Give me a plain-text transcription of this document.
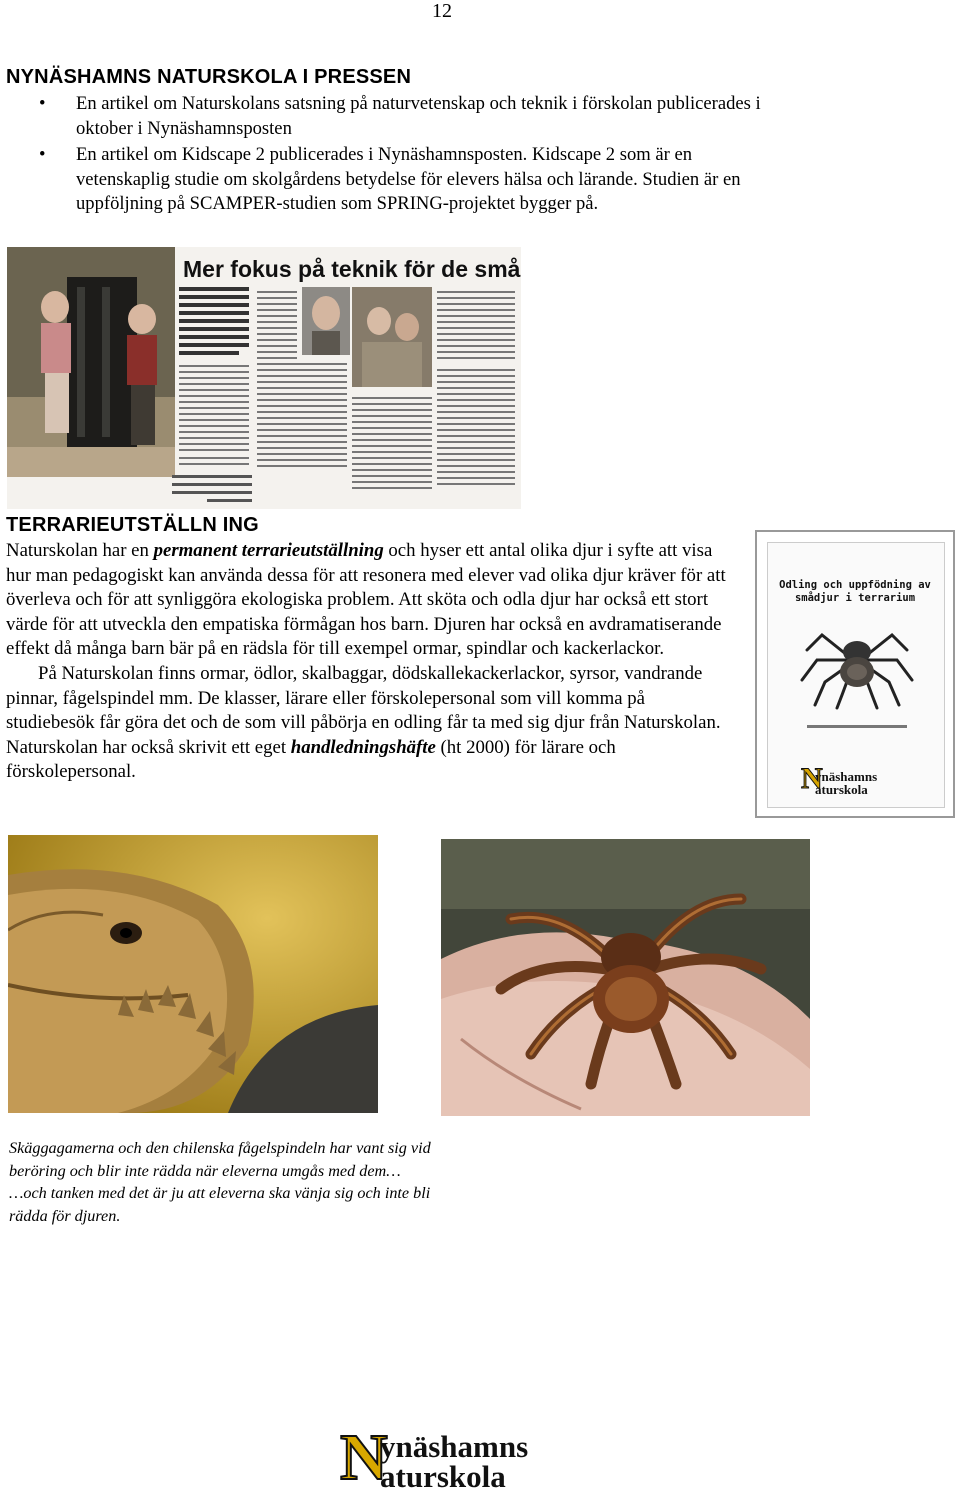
12
NYNÄSHAMNS NATURSKOLA I PRESSEN
• En artikel om Naturskolans satsning på naturvetenskap och teknik i förskolan publicerades i
oktober i Nynäshamnsposten
• En artikel om Kidscape 2 publicerades i Nynäshamnsposten. Kidscape 2 som är en
vetenskaplig studie om skolgårdens betydelse för elevers hälsa och lärande. Studien är en
uppföljning på SCAMPER-studien som SPRING-projektet bygger på.
Mer fokus på teknik för de små
TERRARIEUTSTÄLLN ING

Naturskolan har en permanent terrarieutställning och hyser ett antal olika djur i syfte att visa hur man pedagogiskt kan använda dessa för att resonera med elever vad olika djur kräver för att överleva och för att synliggöra ekologiska problem. Att sköta och odla djur har också ett stort värde för att utveckla den empatiska förmågan hos barn. Djuren har också en avdramatiserande effekt då många barn bär på en rädsla för till exempel ormar, spindlar och kackerlackor.

På Naturskolan finns ormar, ödlor, skalbaggar, dödskallekackerlackor, syrsor, vandrande pinnar, fågelspindel mm. De klasser, lärare eller förskolepersonal som vill komma på studiebesök får göra det och de som vill påbörja en odling får ta med sig djur från Naturskolan. Naturskolan har också skrivit ett eget handledningshäfte (ht 2000) för lärare och förskolepersonal.

Odling och uppfödning av
smådjur i terrarium
ynäshamns
aturskola
N
Skäggagamerna och den chilenska fågelspindeln har vant sig vid
beröring och blir inte rädda när eleverna umgås med dem…
…och tanken med det är ju att eleverna ska vänja sig och inte bli
rädda för djuren.
N
ynäshamns
aturskola
